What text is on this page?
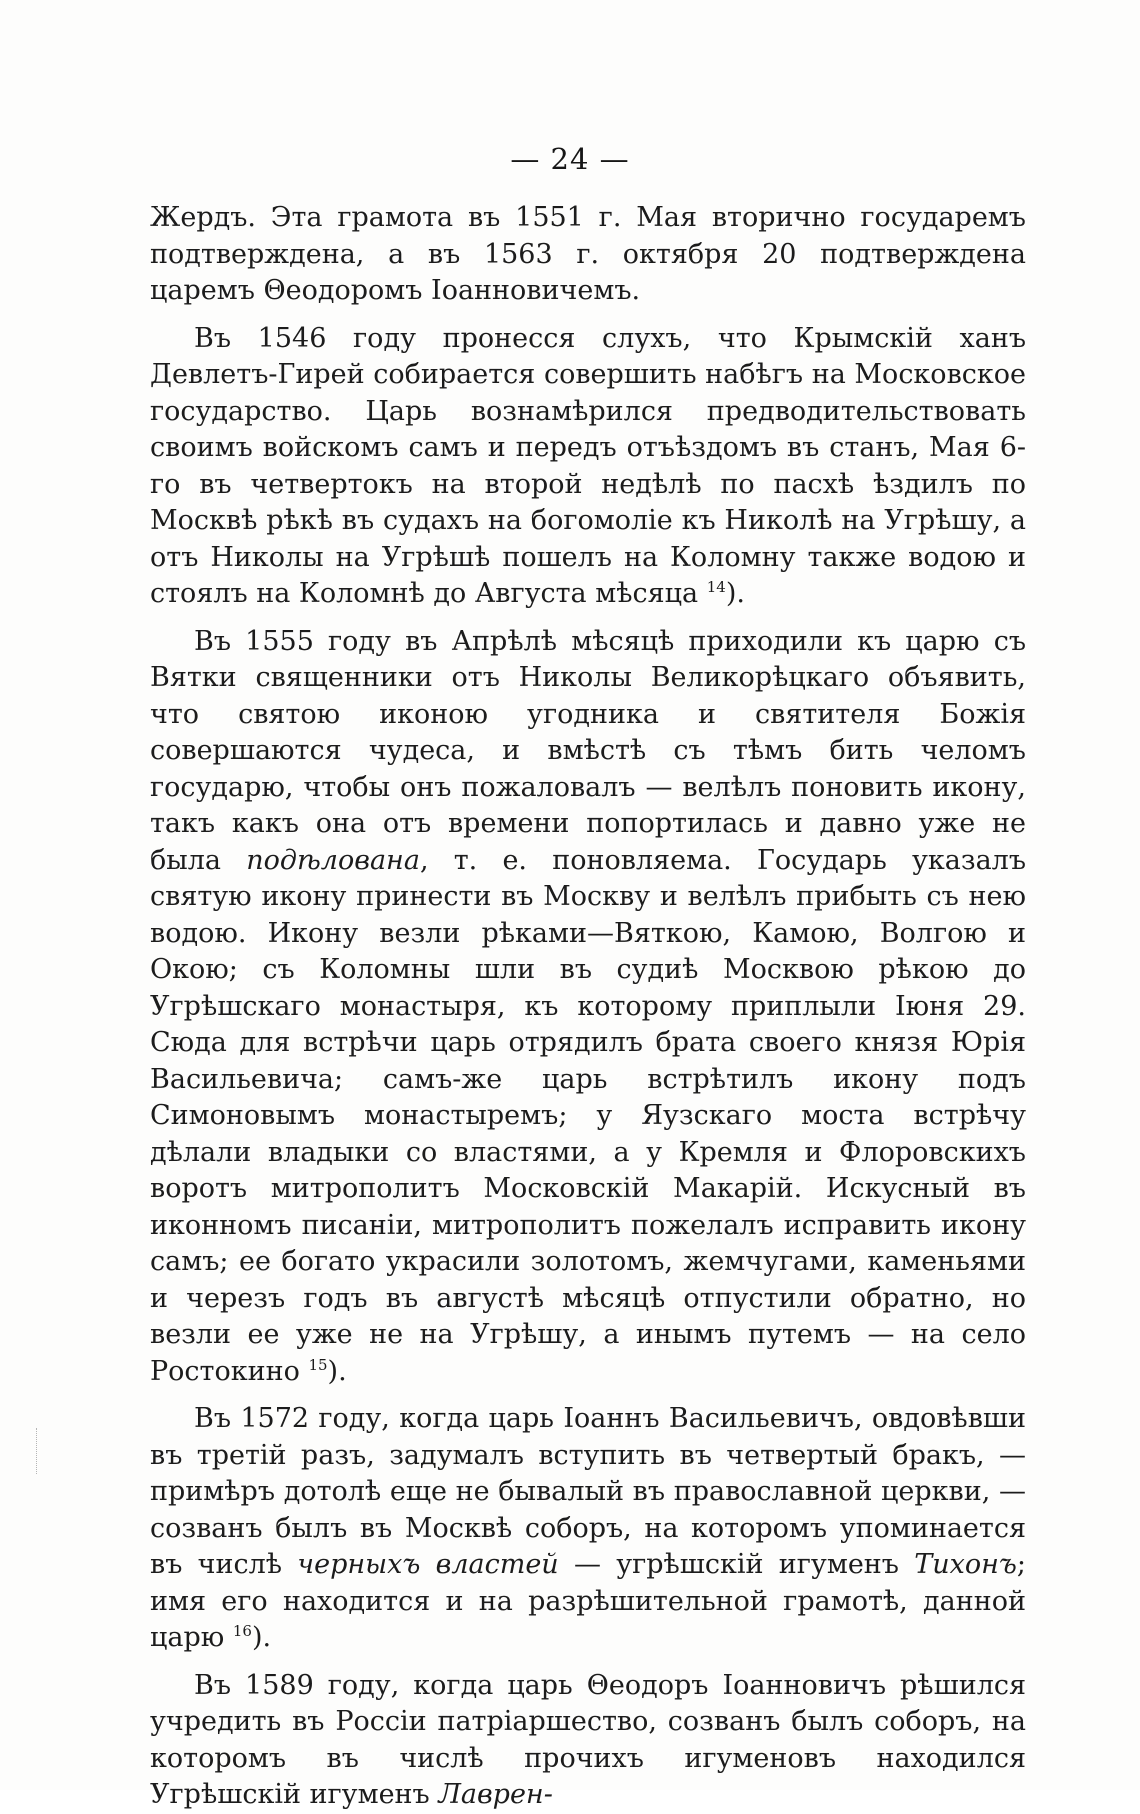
— 24 —

Жердъ. Эта грамота въ 1551 г. Мая вторично государемъ подтверждена, а въ 1563 г. октября 20 подтверждена царемъ Θеодоромъ Іоанновичемъ.

Въ 1546 году пронесся слухъ, что Крымскій ханъ Девлетъ-Гирей собирается совершить набѣгъ на Московское государство. Царь вознамѣрился предводительствовать своимъ войскомъ самъ и передъ отъѣздомъ въ станъ, Мая 6-го въ четвертокъ на второй недѣлѣ по пасхѣ ѣздилъ по Москвѣ рѣкѣ въ судахъ на богомоліе къ Николѣ на Угрѣшу, а отъ Николы на Угрѣшѣ пошелъ на Коломну также водою и стоялъ на Коломнѣ до Августа мѣсяца $^{14}$).

Въ 1555 году въ Апрѣлѣ мѣсяцѣ приходили къ царю съ Вятки священники отъ Николы Великорѣцкаго объявить, что святою иконою угодника и святителя Божія совершаются чудеса, и вмѣстѣ съ тѣмъ бить челомъ государю, чтобы онъ пожаловалъ — велѣлъ поновить икону, такъ какъ она отъ времени попортилась и давно уже не была подѣлована, т. е. поновляема. Государь указалъ святую икону принести въ Москву и велѣлъ прибыть съ нею водою. Икону везли рѣками—Вяткою, Камою, Волгою и Окою; съ Коломны шли въ судиѣ Москвою рѣкою до Угрѣшскаго монастыря, къ которому приплыли Іюня 29. Сюда для встрѣчи царь отрядилъ брата своего князя Юрія Васильевича; самъ-же царь встрѣтилъ икону подъ Симоновымъ монастыремъ; у Яузскаго моста встрѣчу дѣлали владыки со властями, а у Кремля и Флоровскихъ воротъ митрополитъ Московскій Макарій. Искусный въ иконномъ писаніи, митрополитъ пожелалъ исправить икону самъ; ее богато украсили золотомъ, жемчугами, каменьями и черезъ годъ въ августѣ мѣсяцѣ отпустили обратно, но везли ее уже не на Угрѣшу, а инымъ путемъ — на село Ростокино $^{15}$).

Въ 1572 году, когда царь Іоаннъ Васильевичъ, овдовѣвши въ третій разъ, задумалъ вступить въ четвертый бракъ, — примѣръ дотолѣ еще не бывалый въ православной церкви, — созванъ былъ въ Москвѣ соборъ, на которомъ упоминается въ числѣ черныхъ властей — угрѣшскій игуменъ Тихонъ; имя его находится и на разрѣшительной грамотѣ, данной царю $^{16}$).

Въ 1589 году, когда царь Θеодоръ Іоанновичъ рѣшился учредить въ Россіи патріаршество, созванъ былъ соборъ, на которомъ въ числѣ прочихъ игуменовъ находился Угрѣшскій игуменъ Лаврен-
